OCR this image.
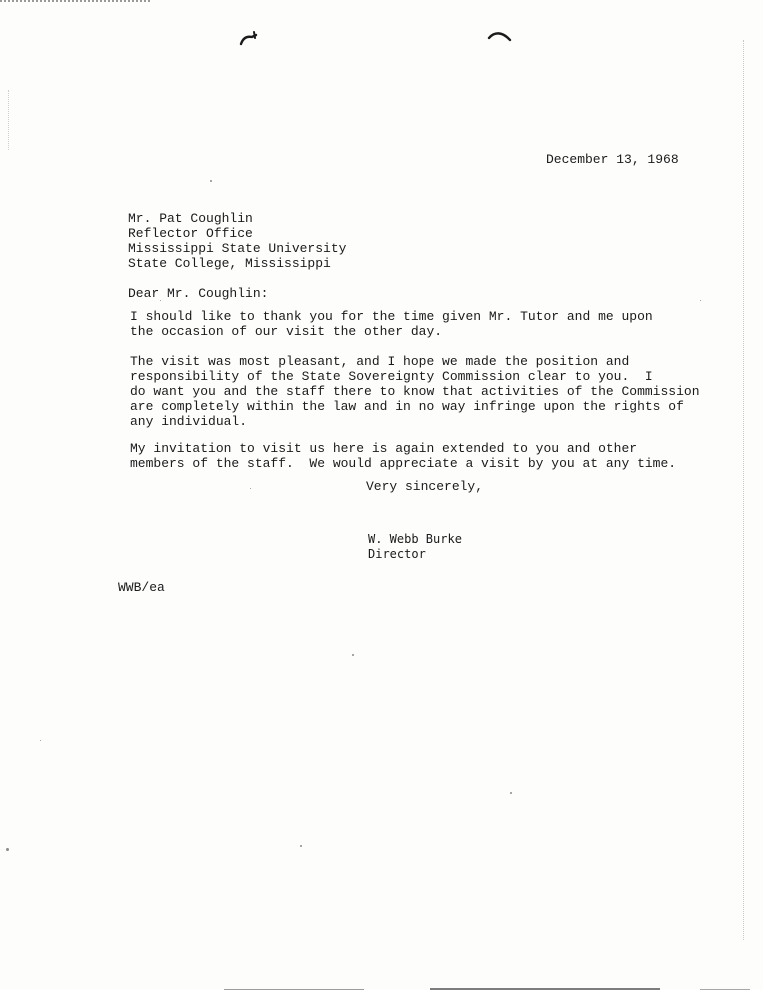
December 13, 1968
Mr. Pat Coughlin
Reflector Office
Mississippi State University
State College, Mississippi
Dear Mr. Coughlin:
I should like to thank you for the time given Mr. Tutor and me upon
the occasion of our visit the other day.
The visit was most pleasant, and I hope we made the position and
responsibility of the State Sovereignty Commission clear to you.  I
do want you and the staff there to know that activities of the Commission
are completely within the law and in no way infringe upon the rights of
any individual.
My invitation to visit us here is again extended to you and other
members of the staff.  We would appreciate a visit by you at any time.
Very sincerely,
W. Webb Burke
Director
WWB/ea
